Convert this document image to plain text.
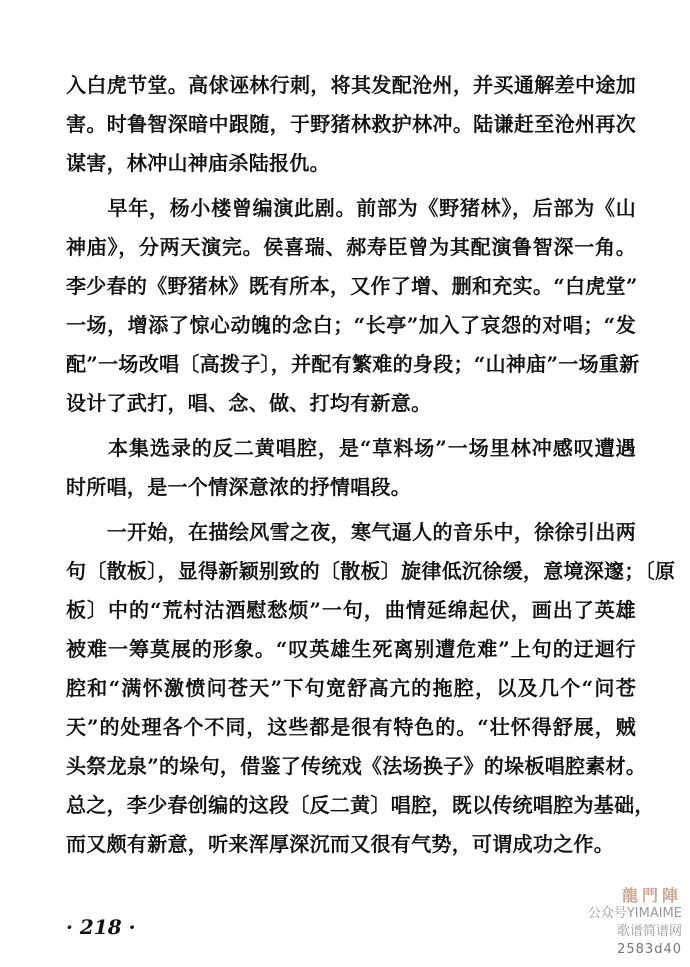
入白虎节堂。高俅诬林行刺，将其发配沧州，并买通解差中途加
害。时鲁智深暗中跟随，于野猪林救护林冲。陆谦赶至沧州再次
谋害，林冲山神庙杀陆报仇。

　　早年，杨小楼曾编演此剧。前部为《野猪林》，后部为《山
神庙》，分两天演完。侯喜瑞、郝寿臣曾为其配演鲁智深一角。
李少春的《野猪林》既有所本，又作了增、删和充实。“白虎堂”
一场，增添了惊心动魄的念白；“长亭”加入了哀怨的对唱；“发
配”一场改唱〔高拨子〕，并配有繁难的身段；“山神庙”一场重新
设计了武打，唱、念、做、打均有新意。

　　本集选录的反二黄唱腔，是“草料场”一场里林冲感叹遭遇
时所唱，是一个情深意浓的抒情唱段。

　　一开始，在描绘风雪之夜，寒气逼人的音乐中，徐徐引出两
句〔散板〕，显得新颖别致的〔散板〕旋律低沉徐缓，意境深邃；〔原
板〕中的“荒村沽酒慰愁烦”一句，曲情延绵起伏，画出了英雄
被难一筹莫展的形象。“叹英雄生死离别遭危难”上句的迂迴行
腔和“满怀激愤问苍天”下句宽舒高亢的拖腔，以及几个“问苍
天”的处理各个不同，这些都是很有特色的。“壮怀得舒展，贼
头祭龙泉”的垛句，借鉴了传统戏《法场换子》的垛板唱腔素材。
总之，李少春创编的这段〔反二黄〕唱腔，既以传统唱腔为基础，
而又颇有新意，听来浑厚深沉而又很有气势，可谓成功之作。

· 218 ·
龍門陣
公众号YIMAIME
歌谱简谱网
2583d40
